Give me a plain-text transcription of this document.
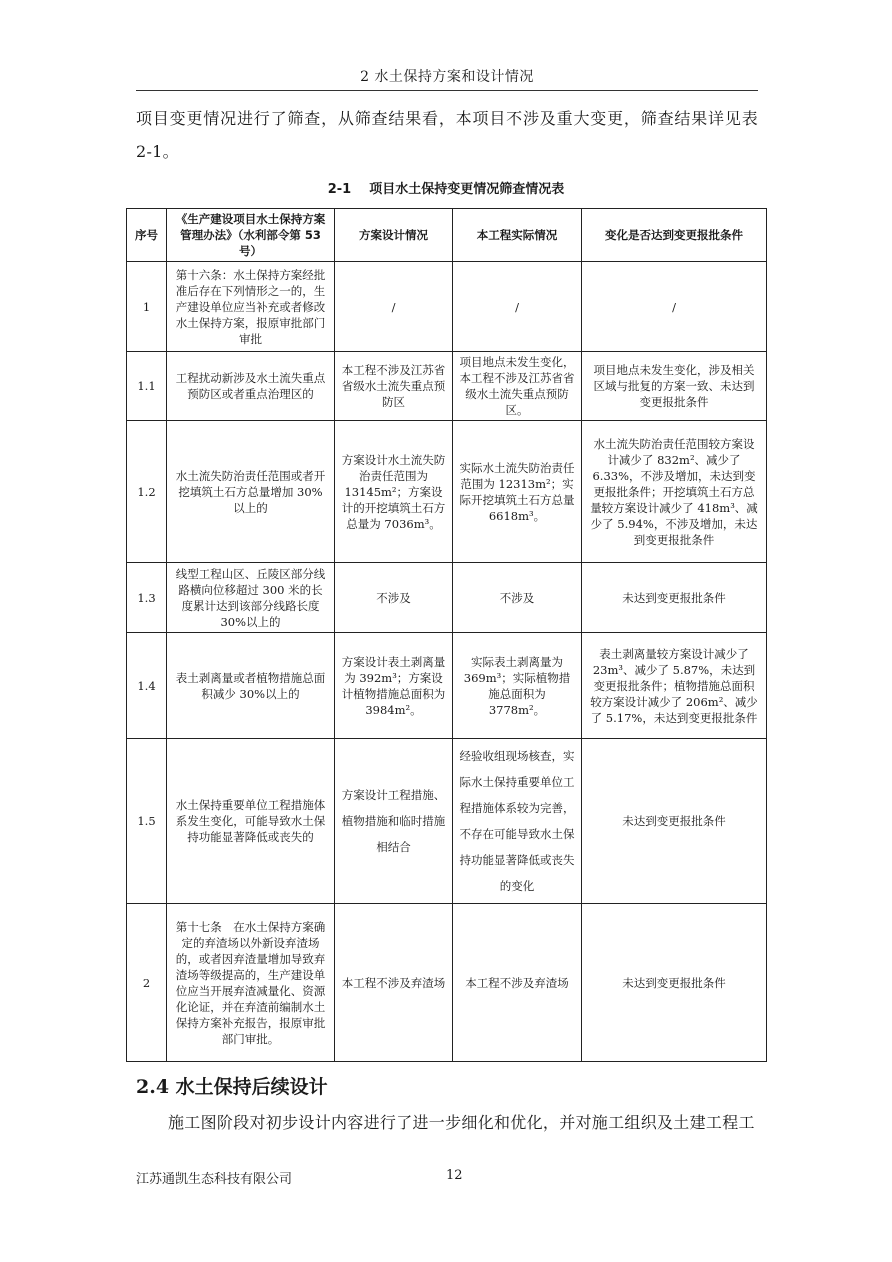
2 水土保持方案和设计情况
项目变更情况进行了筛查，从筛查结果看，本项目不涉及重大变更，筛查结果详见表 2-1。
2-1 项目水土保持变更情况筛查情况表
序号	《生产建设项目水土保持方案管理办法》（水利部令第 53 号）	方案设计情况	本工程实际情况	变化是否达到变更报批条件
1	第十六条：水土保持方案经批准后存在下列情形之一的，生产建设单位应当补充或者修改水土保持方案，报原审批部门审批	/	/	/
1.1	工程扰动新涉及水土流失重点预防区或者重点治理区的	本工程不涉及江苏省省级水土流失重点预防区	项目地点未发生变化，本工程不涉及江苏省省级水土流失重点预防区。	项目地点未发生变化，涉及相关区域与批复的方案一致、未达到变更报批条件
1.2	水土流失防治责任范围或者开挖填筑土石方总量增加 30%以上的	方案设计水土流失防治责任范围为 13145m²；方案设计的开挖填筑土石方总量为 7036m³。	实际水土流失防治责任范围为 12313m²；实际开挖填筑土石方总量 6618m³。	水土流失防治责任范围较方案设计减少了 832m²、减少了 6.33%，不涉及增加，未达到变更报批条件；开挖填筑土石方总量较方案设计减少了 418m³、减少了 5.94%，不涉及增加，未达到变更报批条件
1.3	线型工程山区、丘陵区部分线路横向位移超过 300 米的长度累计达到该部分线路长度 30%以上的	不涉及	不涉及	未达到变更报批条件
1.4	表土剥离量或者植物措施总面积减少 30%以上的	方案设计表土剥离量为 392m³；方案设计植物措施总面积为 3984m²。	实际表土剥离量为 369m³；实际植物措施总面积为 3778m²。	表土剥离量较方案设计减少了 23m³、减少了 5.87%，未达到变更报批条件；植物措施总面积较方案设计减少了 206m²、减少了 5.17%，未达到变更报批条件
1.5	水土保持重要单位工程措施体系发生变化，可能导致水土保持功能显著降低或丧失的	方案设计工程措施、植物措施和临时措施相结合	经验收组现场核查，实际水土保持重要单位工程措施体系较为完善，不存在可能导致水土保持功能显著降低或丧失的变化	未达到变更报批条件
2	第十七条　在水土保持方案确定的弃渣场以外新设弃渣场的，或者因弃渣量增加导致弃渣场等级提高的，生产建设单位应当开展弃渣减量化、资源化论证，并在弃渣前编制水土保持方案补充报告，报原审批部门审批。	本工程不涉及弃渣场	本工程不涉及弃渣场	未达到变更报批条件
2.4 水土保持后续设计
施工图阶段对初步设计内容进行了进一步细化和优化，并对施工组织及土建工程工
江苏通凯生态科技有限公司	12
